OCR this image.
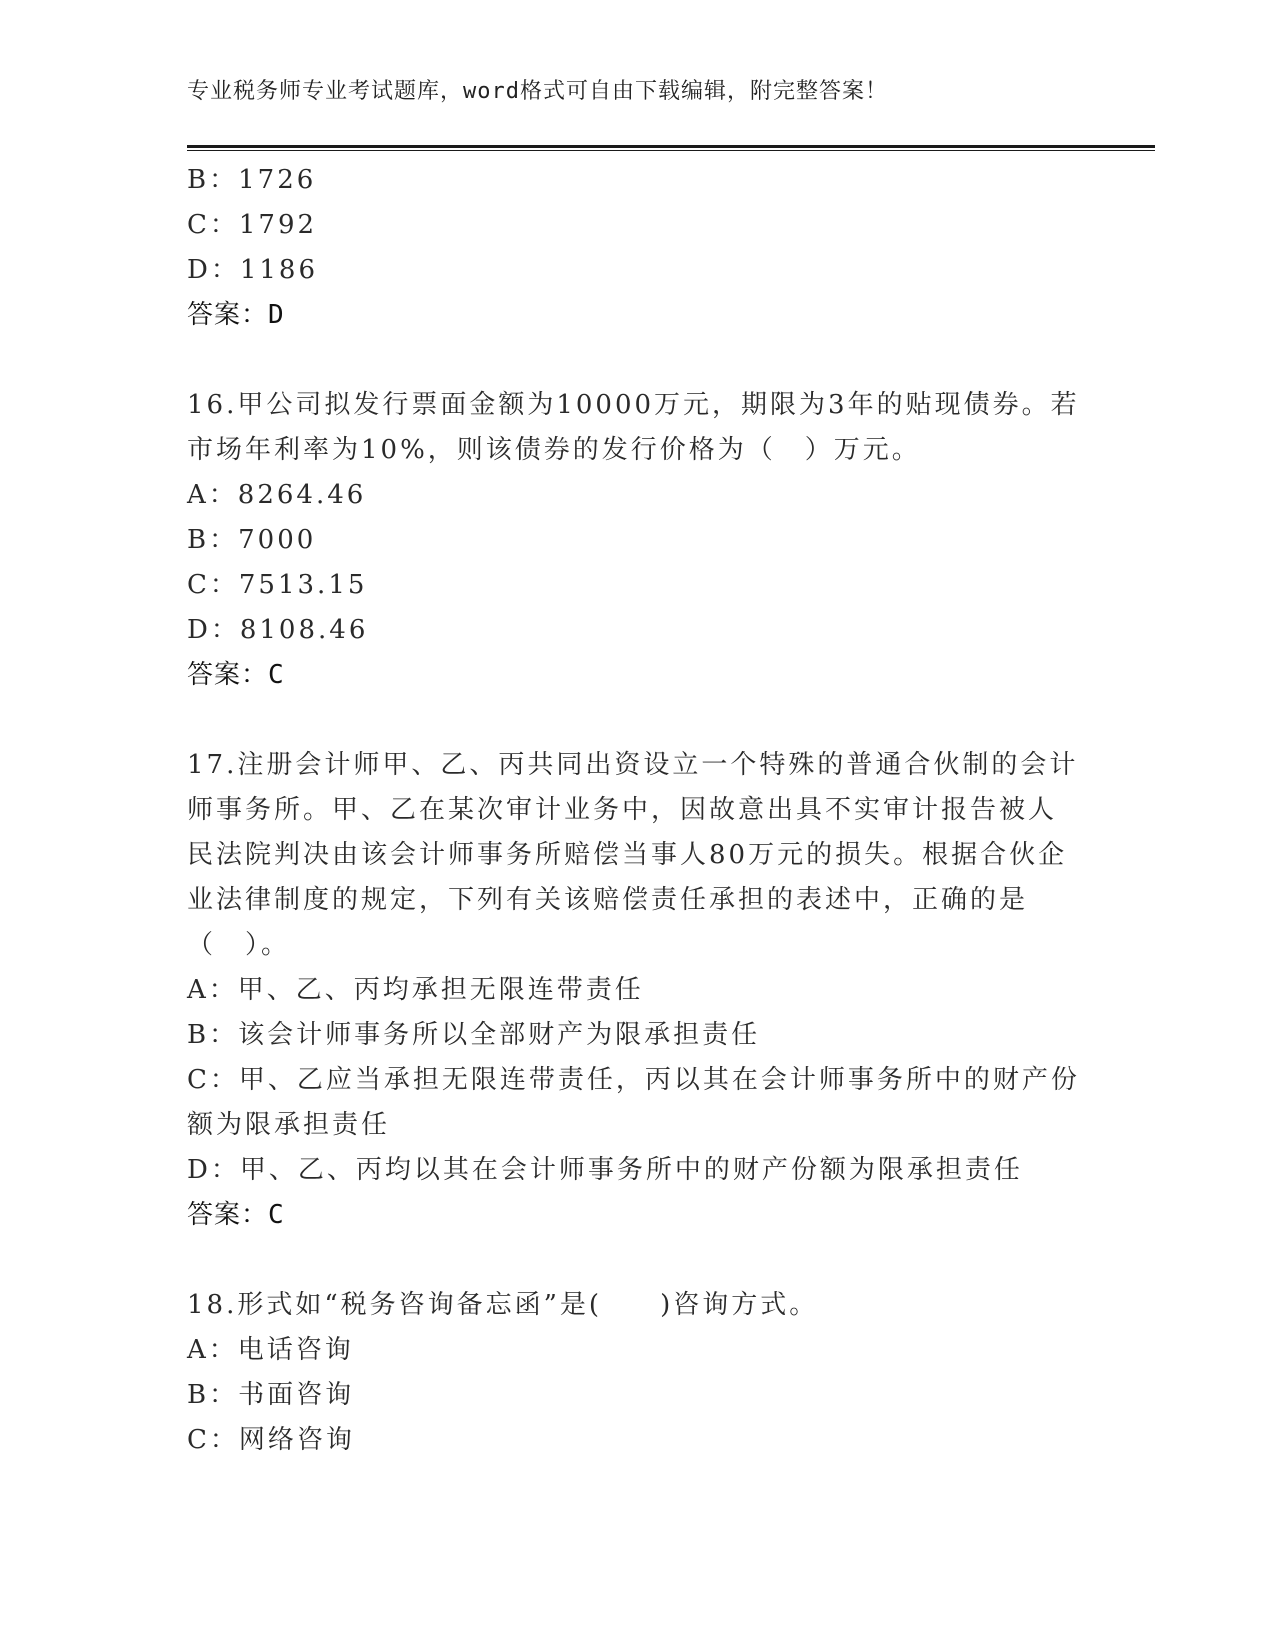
专业税务师专业考试题库，word格式可自由下载编辑，附完整答案！
B：1726
C：1792
D：1186
答案：D
16.甲公司拟发行票面金额为10000万元，期限为3年的贴现债券。若
市场年利率为10%，则该债券的发行价格为（　）万元。
A：8264.46
B：7000
C：7513.15
D：8108.46
答案：C
17.注册会计师甲、乙、丙共同出资设立一个特殊的普通合伙制的会计
师事务所。甲、乙在某次审计业务中，因故意出具不实审计报告被人
民法院判决由该会计师事务所赔偿当事人80万元的损失。根据合伙企
业法律制度的规定，下列有关该赔偿责任承担的表述中，正确的是
（　）。
A：甲、乙、丙均承担无限连带责任
B：该会计师事务所以全部财产为限承担责任
C：甲、乙应当承担无限连带责任，丙以其在会计师事务所中的财产份
额为限承担责任
D：甲、乙、丙均以其在会计师事务所中的财产份额为限承担责任
答案：C
18.形式如“税务咨询备忘函”是(　　)咨询方式。
A：电话咨询
B：书面咨询
C：网络咨询
